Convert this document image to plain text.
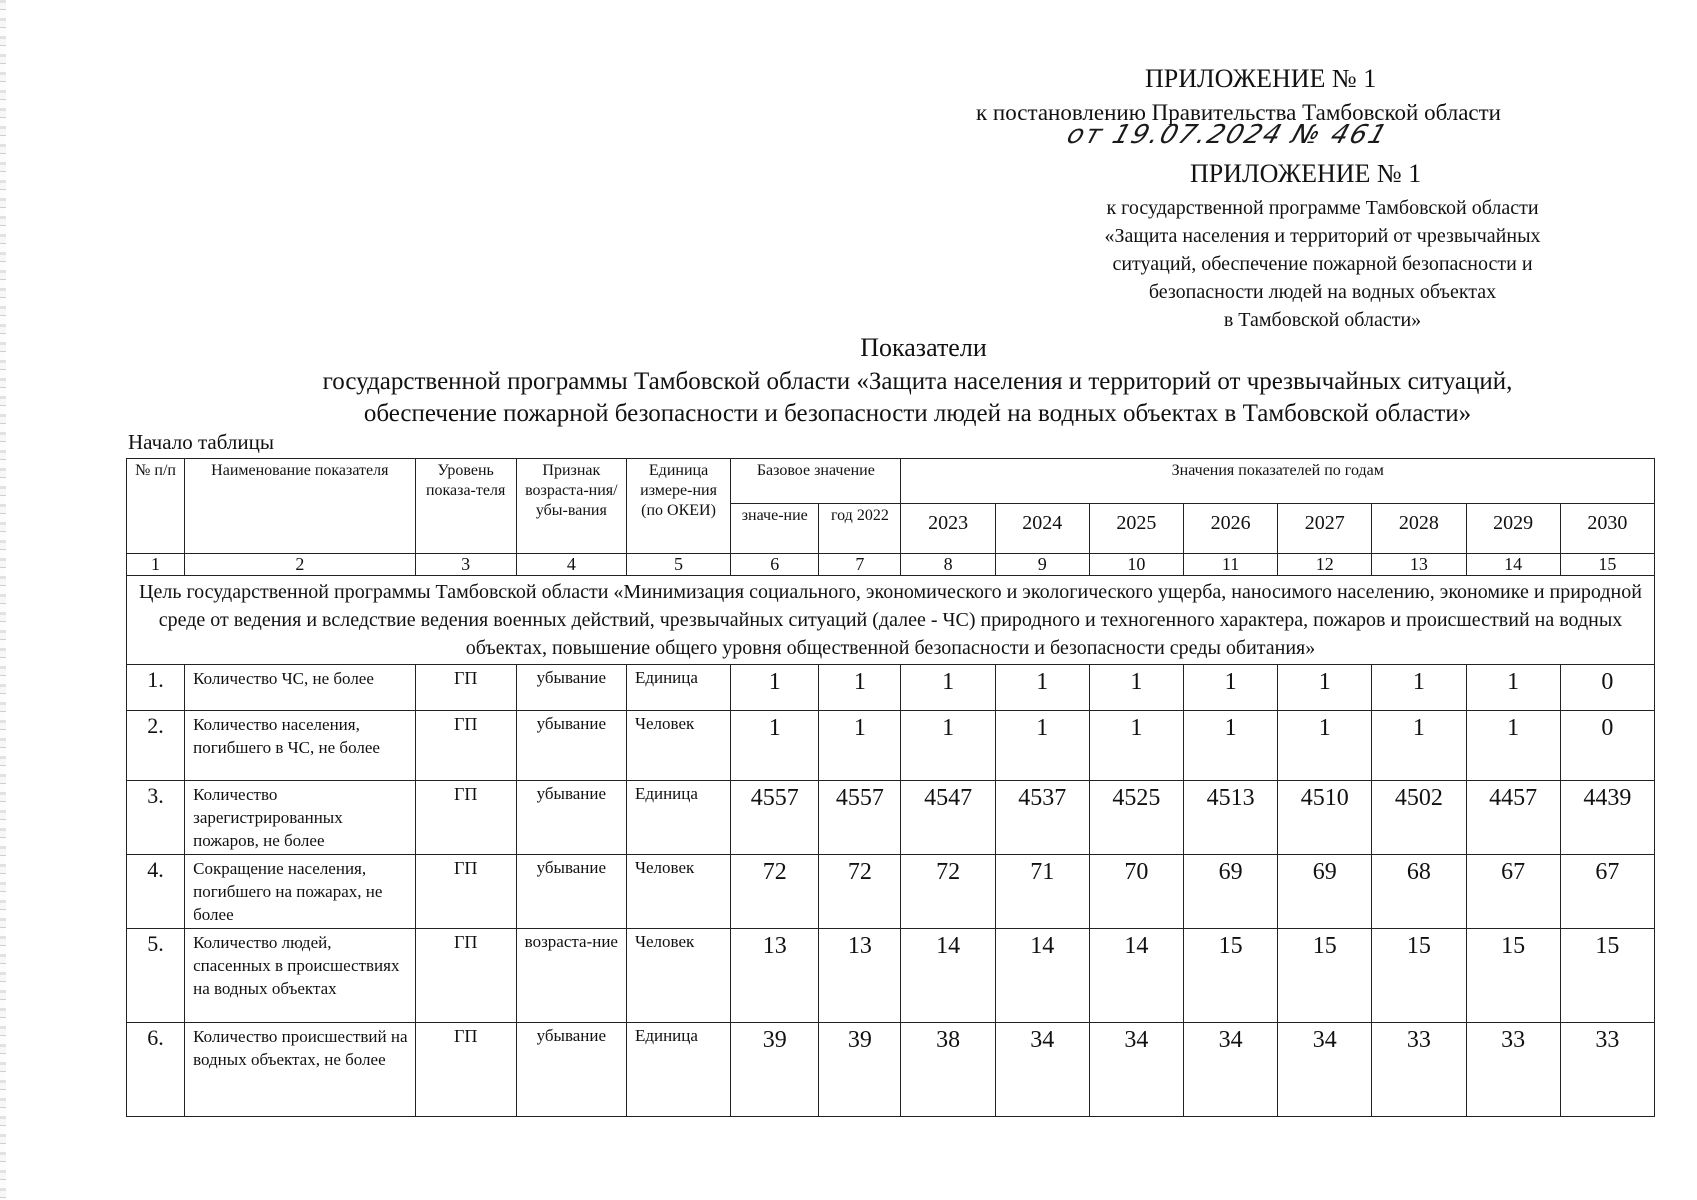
ПРИЛОЖЕНИЕ № 1
к постановлению Правительства Тамбовской области
от 19.07.2024 № 461
ПРИЛОЖЕНИЕ № 1
к государственной программе Тамбовской области
«Защита населения и территорий от чрезвычайных
ситуаций, обеспечение пожарной безопасности и
безопасности людей на водных объектах
в Тамбовской области»
Показатели
государственной программы Тамбовской области «Защита населения и территорий от чрезвычайных ситуаций,
обеспечение пожарной безопасности и безопасности людей на водных объектах в Тамбовской области»
Начало таблицы
№ п/п	Наименование показателя	Уровень показа-теля	Признак возраста-ния/убы-вания	Единица измере-ния (по ОКЕИ)	Базовое значение		Значения показателей по годам							
					значе-ние	год 2022	2023	2024	2025	2026	2027	2028	2029	2030
1	2	3	4	5	6	7	8	9	10	11	12	13	14	15
Цель государственной программы Тамбовской области «Минимизация социального, экономического и экологического ущерба, наносимого населению, экономике и природной среде от ведения и вследствие ведения военных действий, чрезвычайных ситуаций (далее - ЧС) природного и техногенного характера, пожаров и происшествий на водных объектах, повышение общего уровня общественной безопасности и безопасности среды обитания»														
1.	Количество ЧС, не более	ГП	убывание	Единица	1	1	1	1	1	1	1	1	1	0
2.	Количество населения, погибшего в ЧС, не более	ГП	убывание	Человек	1	1	1	1	1	1	1	1	1	0
3.	Количество зарегистрированных пожаров, не более	ГП	убывание	Единица	4557	4557	4547	4537	4525	4513	4510	4502	4457	4439
4.	Сокращение населения, погибшего на пожарах, не более	ГП	убывание	Человек	72	72	72	71	70	69	69	68	67	67
5.	Количество людей, спасенных в происшествиях на водных объектах	ГП	возраста-ние	Человек	13	13	14	14	14	15	15	15	15	15
6.	Количество происшествий на водных объектах, не более	ГП	убывание	Единица	39	39	38	34	34	34	34	33	33	33
